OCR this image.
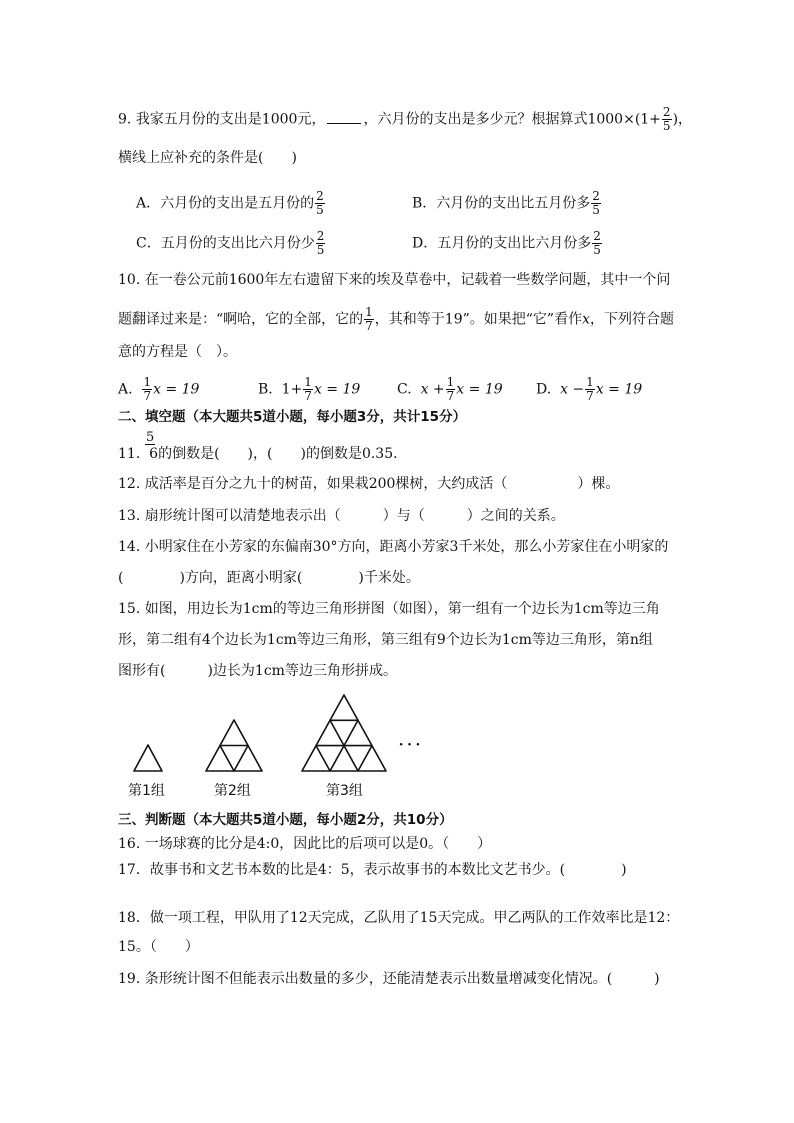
9. 我家五月份的支出是1000元，	，六月份的支出是多少元？根据算式$1000\times(1+ \frac{2}{5}$ )，
横线上应补充的条件是(　　)
A．六月份的支出是五月份的 $\frac{2}{5}$	B．六月份的支出比五月份多 $\frac{2}{5}$
C．五月份的支出比六月份少 $\frac{2}{5}$	D．五月份的支出比六月份多 $\frac{2}{5}$
10. 在一卷公元前1600年左右遗留下来的埃及草卷中，记载着一些数学问题，其中一个问
题翻译过来是：“啊哈，它的全部，它的 $\frac{1}{7}$ ，其和等于19”。如果把“它”看作x，下列符合题
意的方程是（　）。
A. $\frac{1}{7}$ x = 19	B. $1+ \frac{1}{7}$ x = 19	C. $x + \frac{1}{7}$ x = 19 D. $x - \frac{1}{7}$ x = 19
二、填空题（本大题共5道小题，每小题3分，共计15分）
5
11. 6的倒数是(　　)，(　　)的倒数是0.35．
12. 成活率是百分之九十的树苗，如果栽200棵树，大约成活（　　　　　）棵。
13. 扇形统计图可以清楚地表示出（　　　）与（　　　）之间的关系。
14. 小明家住在小芳家的东偏南30°方向，距离小芳家3千米处，那么小芳家住在小明家的
(　　　　)方向，距离小明家(　　　　)千米处。
15. 如图，用边长为1cm的等边三角形拼图（如图），第一组有一个边长为1cm等边三角
形，第二组有4个边长为1cm等边三角形，第三组有9个边长为1cm等边三角形，第n组
图形有(　　　)边长为1cm等边三角形拼成。
···
第1组	第2组	第3组
三、判断题（本大题共5道小题，每小题2分，共10分）
16. 一场球赛的比分是4:0，因此比的后项可以是0。（　　）
17．故事书和文艺书本数的比是4：5，表示故事书的本数比文艺书少。(　　　　)
18．做一项工程，甲队用了12天完成，乙队用了15天完成。甲乙两队的工作效率比是12：
15。（　　）
19. 条形统计图不但能表示出数量的多少，还能清楚表示出数量增减变化情况。(　　　)
